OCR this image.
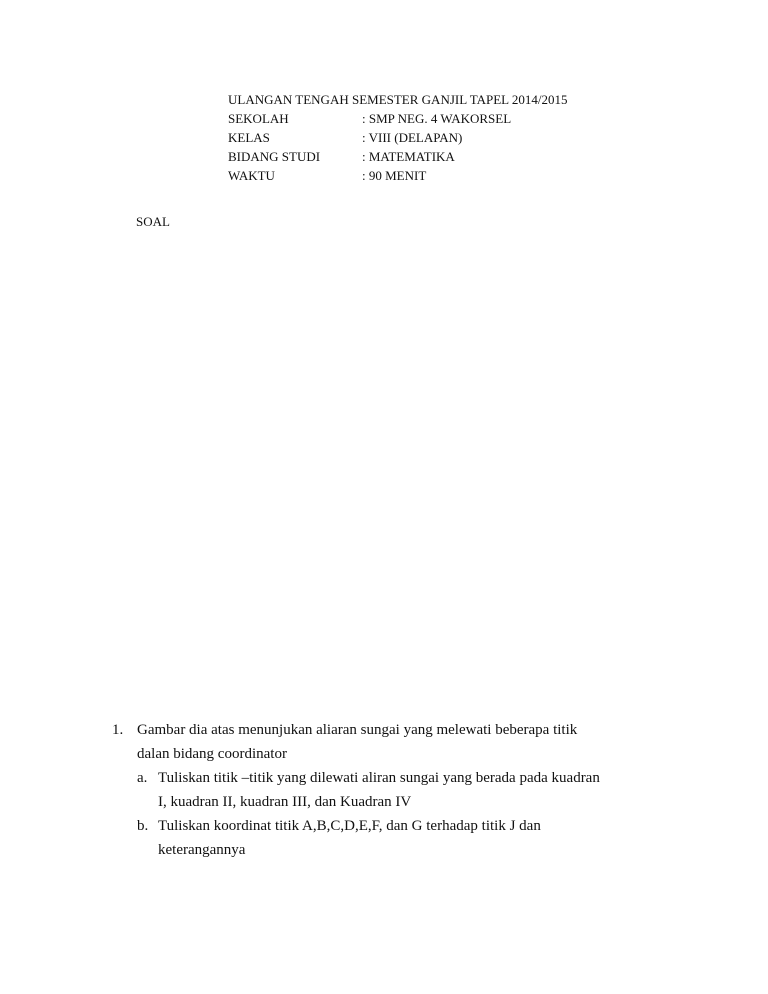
ULANGAN TENGAH SEMESTER GANJIL TAPEL 2014/2015
SEKOLAH	: SMP NEG. 4 WAKORSEL
KELAS	: VIII (DELAPAN)
BIDANG STUDI	: MATEMATIKA
WAKTU	: 90 MENIT
SOAL
1. Gambar dia atas menunjukan aliaran sungai yang melewati beberapa titik
dalan bidang coordinator
a. Tuliskan titik –titik yang dilewati aliran sungai yang berada pada kuadran
I, kuadran II, kuadran III, dan Kuadran IV
b. Tuliskan koordinat titik A,B,C,D,E,F, dan G terhadap titik J dan
keterangannya
